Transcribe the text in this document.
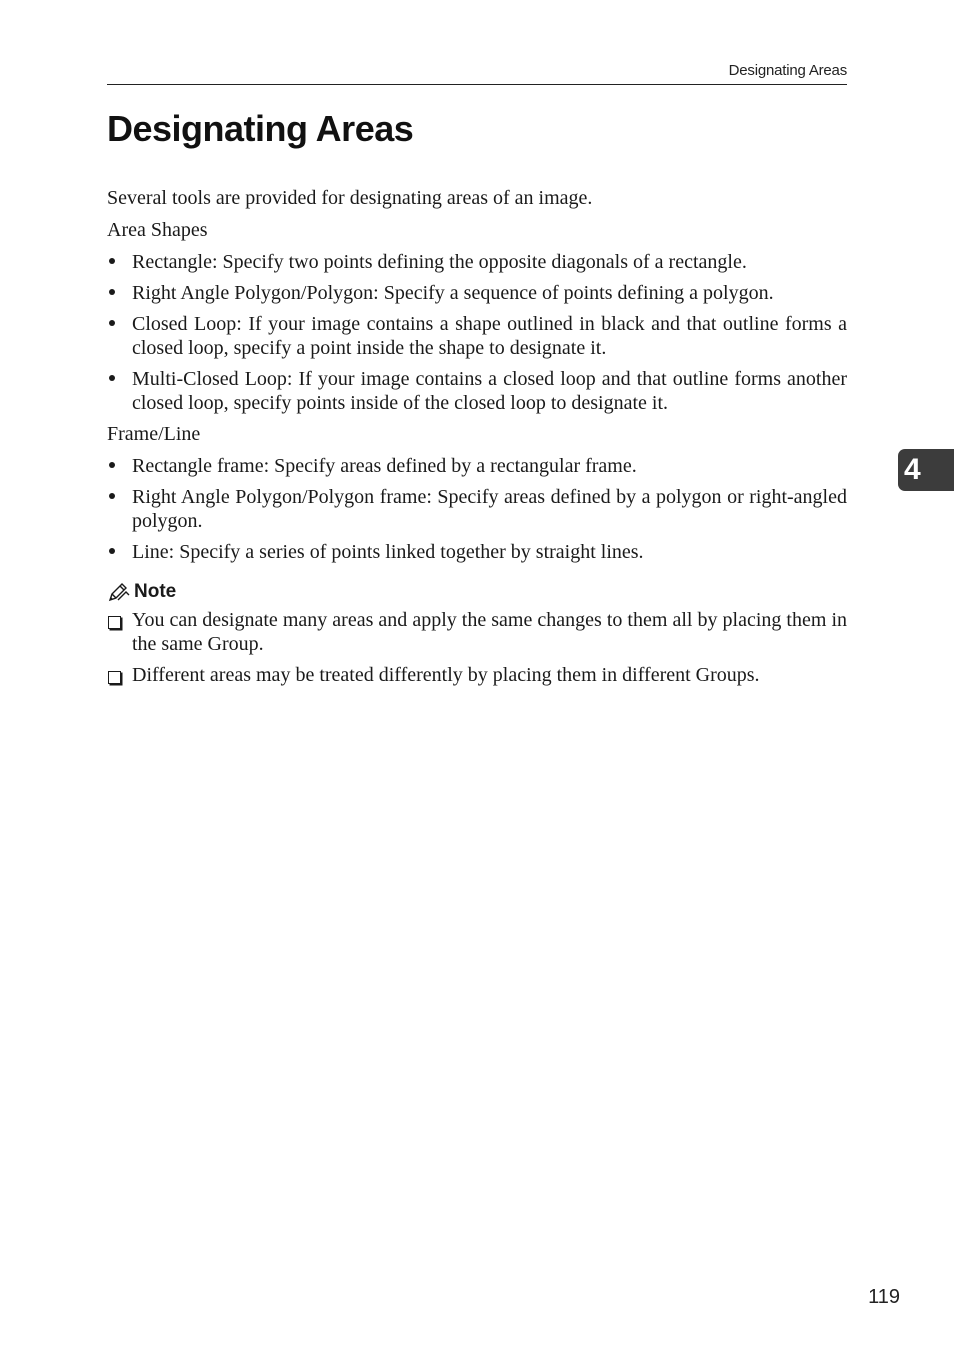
Designating Areas
Designating Areas

Several tools are provided for designating areas of an image.

Area Shapes

Rectangle: Specify two points defining the opposite diagonals of a rectangle.
Right Angle Polygon/Polygon: Specify a sequence of points defining a polygon.
Closed Loop: If your image contains a shape outlined in black and that outline forms a closed loop, specify a point inside the shape to designate it.
Multi-Closed Loop: If your image contains a closed loop and that outline forms another closed loop, specify points inside of the closed loop to designate it.

Frame/Line

Rectangle frame: Specify areas defined by a rectangular frame.
Right Angle Polygon/Polygon frame: Specify areas defined by a polygon or right-angled polygon.
Line: Specify a series of points linked together by straight lines.
Note
You can designate many areas and apply the same changes to them all by placing them in the same Group.
Different areas may be treated differently by placing them in different Groups.
4
119
